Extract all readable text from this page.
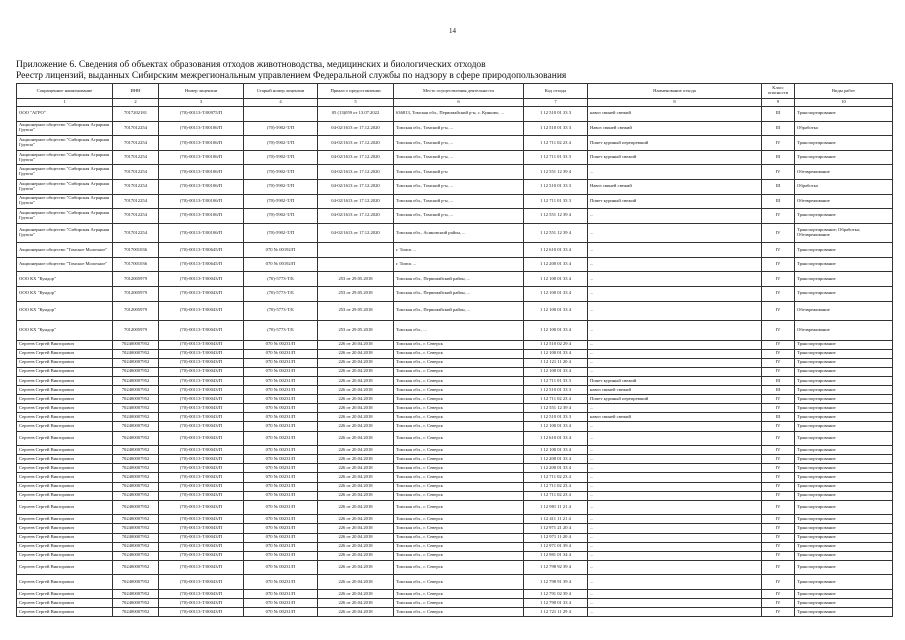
14
Приложение 6. Сведения об объектах образования отходов животноводства, медицинских и биологических отходов
Реестр лицензий, выданных Сибирским межрегиональным управлением Федеральной службы по надзору в сфере природопользования
Сокращенное наименование	ИНН	Номер лицензии	Старый номер лицензии	Приказ о предоставлении	Место осуществления деятельности	Код отхода	Наименование отхода	Класс опасности	Виды работ
1	2	3	4	5	6	7	8	9	10
ООО "АГРО"	7017202181	(70)-00113-Т/00975/П		05 (13)059 от 13.07.2022	636813, Томская обл., Первомайский р-н, с. Куяново, ...	1 12 510 01 33 3	навоз свиней свежий	III	Транспортирование
Акционерное общество "Сибирская Аграрная Группа"	7017012254	(70)-00113-Т/00106/П	(70)-5902-Т/П	04-02/1613 от 17.12.2020	Томская обл., Томский р-н, ...	1 12 510 01 33 3	Навоз свиней свежий	III	Обработка
Акционерное общество "Сибирская Аграрная Группа"	7017012254	(70)-00113-Т/00106/П	(70)-5902-Т/П	04-02/1613 от 17.12.2020	Томская обл., Томский р-н, ...	1 12 711 02 23 4	Помет куриный перепревший	IV	Транспортирование
Акционерное общество "Сибирская Аграрная Группа"	7017012254	(70)-00113-Т/00106/П	(70)-5902-Т/П	04-02/1613 от 17.12.2020	Томская обл., Томский р-н, ...	1 12 711 01 33 3	Помет куриный свежий	III	Транспортирование
Акционерное общество "Сибирская Аграрная Группа"	7017012254	(70)-00113-Т/00106/П	(70)-5902-Т/П	04-02/1613 от 17.12.2020	Томская обл., Томский р-н	1 12 551 12 39 4	...	IV	Обезвреживание
Акционерное общество "Сибирская Аграрная Группа"	7017012254	(70)-00113-Т/00106/П	(70)-5902-Т/П	04-02/1613 от 17.12.2020	Томская обл., Томский р-н, ...	1 12 510 01 33 3	Навоз свиней свежий	III	Обработка
Акционерное общество "Сибирская Аграрная Группа"	7017012254	(70)-00113-Т/00106/П	(70)-5902-Т/П	04-02/1613 от 17.12.2020	Томская обл., Томский р-н, ...	1 12 711 01 33 3	Помет куриный свежий	III	Обезвреживание
Акционерное общество "Сибирская Аграрная Группа"	7017012254	(70)-00113-Т/00106/П	(70)-5902-Т/П	04-02/1613 от 17.12.2020	Томская обл., Томский р-н, ...	1 12 551 12 39 4	...	IV	Транспортирование
Акционерное общество "Сибирская Аграрная Группа"	7017012254	(70)-00113-Т/00106/П	(70)-5902-Т/П	04-02/1613 от 17.12.2020	Томская обл., Асиновский район, ...	1 12 551 12 39 4	...	IV	Транспортирование; Обработка; Обезвреживание
Акционерное общество "Томское Молочное"	7017001036	(70)-00113-Т/00645/П	070 № 00192/П		г. Томск ...	1 12 610 01 33 4	...	IV	Транспортирование
Акционерное общество "Томское Молочное"	7017001036	(70)-00113-Т/00645/П	070 № 00192/П		г. Томск ...	1 12 200 01 33 4	...	IV	Транспортирование
ООО КХ "Кундор"	7012005979	(70)-00113-Т/00043/П	(70)-5773-Т/Б	253 от 29.05.2018	Томская обл., Первомайский район, ...	1 12 100 01 33 4	...	IV	Транспортирование
ООО КХ "Кундор"	7012005979	(70)-00113-Т/00043/П	(70)-5773-Т/Б	253 от 29.05.2018	Томская обл., Первомайский район, ...	1 12 100 01 33 4	...	IV	Транспортирование
ООО КХ "Кундор"	7012005979	(70)-00113-Т/00043/П	(70)-5773-Т/Б	253 от 29.05.2018	Томская обл., Первомайский район, ...	1 12 100 01 33 4	...	IV	Обезвреживание
ООО КХ "Кундор"	7012005979	(70)-00113-Т/00043/П	(70)-5773-Т/Б	253 от 29.05.2018	Томская обл., ...	1 12 100 01 33 4	...	IV	Обезвреживание
Сергеев Сергей Викторович	702400007952	(70)-00113-Т/00043/П	070 № 00231/П	226 от 20.04.2018	Томская обл., г. Северск	1 12 510 02 29 4	...	IV	Транспортирование
Сергеев Сергей Викторович	702400007952	(70)-00113-Т/00043/П	070 № 00231/П	226 от 20.04.2018	Томская обл., г. Северск	1 12 100 01 33 4	...	IV	Транспортирование
Сергеев Сергей Викторович	702400007952	(70)-00113-Т/00043/П	070 № 00231/П	226 от 20.04.2018	Томская обл., г. Северск	1 12 121 11 20 4	...	IV	Транспортирование
Сергеев Сергей Викторович	702400007952	(70)-00113-Т/00043/П	070 № 00231/П	226 от 20.04.2018	Томская обл., г. Северск	1 12 100 01 33 4	...	IV	Транспортирование
Сергеев Сергей Викторович	702400007952	(70)-00113-Т/00043/П	070 № 00231/П	226 от 20.04.2018	Томская обл., г. Северск	1 12 711 01 33 3	Помет куриный свежий	III	Транспортирование
Сергеев Сергей Викторович	702400007952	(70)-00113-Т/00043/П	070 № 00231/П	226 от 20.04.2018	Томская обл., г. Северск	1 12 510 01 33 3	навоз свиней свежий	III	Транспортирование
Сергеев Сергей Викторович	702400007952	(70)-00113-Т/00043/П	070 № 00231/П	226 от 20.04.2018	Томская обл., г. Северск	1 12 711 02 23 4	Помет куриный перепревший	IV	Транспортирование
Сергеев Сергей Викторович	702400007952	(70)-00113-Т/00043/П	070 № 00231/П	226 от 20.04.2018	Томская обл., г. Северск	1 12 551 12 39 4	...	IV	Транспортирование
Сергеев Сергей Викторович	702400007952	(70)-00113-Т/00043/П	070 № 00231/П	226 от 20.04.2018	Томская обл., г. Северск	1 12 510 01 33 3	навоз свиней свежий	III	Транспортирование
Сергеев Сергей Викторович	702400007952	(70)-00113-Т/00043/П	070 № 00231/П	226 от 20.04.2018	Томская обл., г. Северск	1 12 100 01 33 4	...	IV	Транспортирование
Сергеев Сергей Викторович	702400007952	(70)-00113-Т/00043/П	070 № 00231/П	226 от 20.04.2018	Томская обл., г. Северск	1 12 610 01 33 4	...	IV	Транспортирование
Сергеев Сергей Викторович	702400007952	(70)-00113-Т/00043/П	070 № 00231/П	226 от 20.04.2018	Томская обл., г. Северск	1 12 100 01 33 4	...	IV	Транспортирование
Сергеев Сергей Викторович	702400007952	(70)-00113-Т/00043/П	070 № 00231/П	226 от 20.04.2018	Томская обл., г. Северск	1 12 200 01 33 4	...	IV	Транспортирование
Сергеев Сергей Викторович	702400007952	(70)-00113-Т/00043/П	070 № 00231/П	226 от 20.04.2018	Томская обл., г. Северск	1 12 200 01 33 4	...	IV	Транспортирование
Сергеев Сергей Викторович	702400007952	(70)-00113-Т/00043/П	070 № 00231/П	226 от 20.04.2018	Томская обл., г. Северск	1 12 711 02 23 4	...	IV	Транспортирование
Сергеев Сергей Викторович	702400007952	(70)-00113-Т/00043/П	070 № 00231/П	226 от 20.04.2018	Томская обл., г. Северск	1 12 711 02 23 4	...	IV	Транспортирование
Сергеев Сергей Викторович	702400007952	(70)-00113-Т/00043/П	070 № 00231/П	226 от 20.04.2018	Томская обл., г. Северск	1 12 711 02 23 4	...	IV	Транспортирование
Сергеев Сергей Викторович	702400007952	(70)-00113-Т/00043/П	070 № 00231/П	226 от 20.04.2018	Томская обл., г. Северск	1 12 981 11 21 4	...	IV	Транспортирование
Сергеев Сергей Викторович	702400007952	(70)-00113-Т/00043/П	070 № 00231/П	226 от 20.04.2018	Томская обл., г. Северск	1 12 411 11 21 4	...	IV	Транспортирование
Сергеев Сергей Викторович	702400007952	(70)-00113-Т/00043/П	070 № 00231/П	226 от 20.04.2018	Томская обл., г. Северск	1 12 971 21 20 4	...	IV	Транспортирование
Сергеев Сергей Викторович	702400007952	(70)-00113-Т/00043/П	070 № 00231/П	226 от 20.04.2018	Томская обл., г. Северск	1 12 971 11 20 4	...	IV	Транспортирование
Сергеев Сергей Викторович	702400007952	(70)-00113-Т/00043/П	070 № 00231/П	226 от 20.04.2018	Томская обл., г. Северск	1 12 971 01 39 4	...	IV	Транспортирование
Сергеев Сергей Викторович	702400007952	(70)-00113-Т/00043/П	070 № 00231/П	226 от 20.04.2018	Томская обл., г. Северск	1 12 981 01 34 4	...	IV	Транспортирование
Сергеев Сергей Викторович	702400007952	(70)-00113-Т/00043/П	070 № 00231/П	226 от 20.04.2018	Томская обл., г. Северск	1 12 798 92 39 4	...	IV	Транспортирование
Сергеев Сергей Викторович	702400007952	(70)-00113-Т/00043/П	070 № 00231/П	226 от 20.04.2018	Томская обл., г. Северск	1 12 798 91 39 4	...	IV	Транспортирование
Сергеев Сергей Викторович	702400007952	(70)-00113-Т/00043/П	070 № 00231/П	226 от 20.04.2018	Томская обл., г. Северск	1 12 791 02 39 4	...	IV	Транспортирование
Сергеев Сергей Викторович	702400007952	(70)-00113-Т/00043/П	070 № 00231/П	226 от 20.04.2018	Томская обл., г. Северск	1 12 790 01 33 4	...	IV	Транспортирование
Сергеев Сергей Викторович	702400007952	(70)-00113-Т/00043/П	070 № 00231/П	226 от 20.04.2018	Томская обл., г. Северск	1 12 721 11 29 4	...	IV	Транспортирование
